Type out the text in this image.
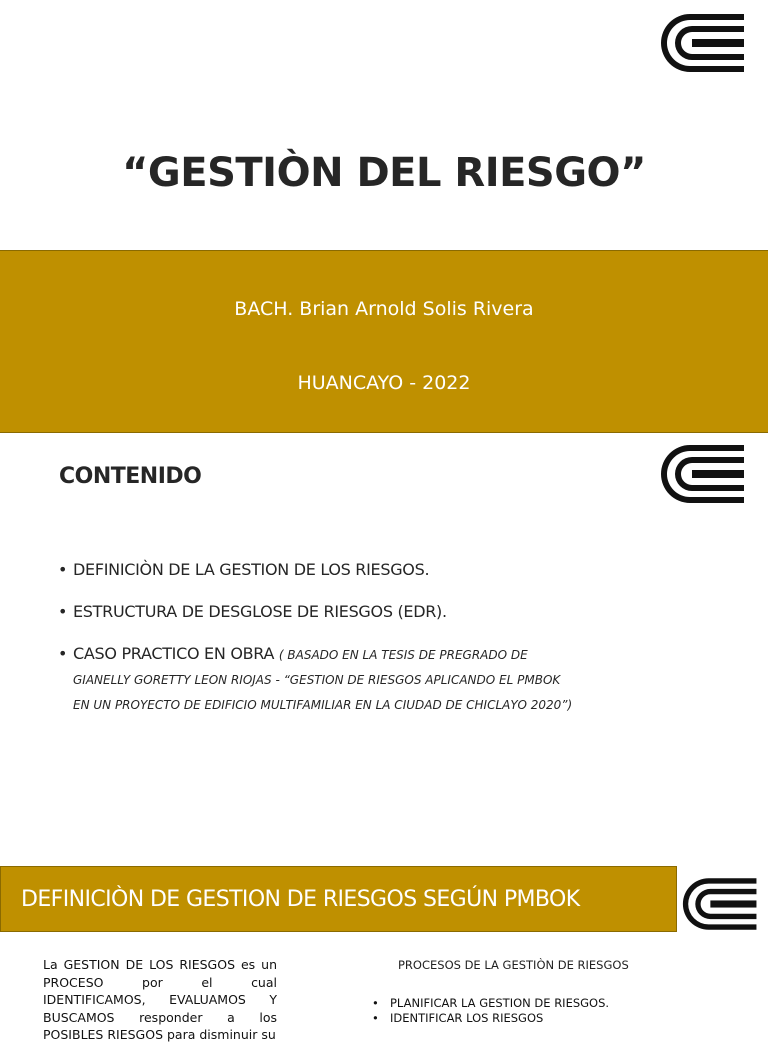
“GESTIÒN DEL RIESGO”
BACH. Brian Arnold Solis Rivera
HUANCAYO - 2022
CONTENIDO
• DEFINICIÒN DE LA GESTION DE LOS RIESGOS.
• ESTRUCTURA DE DESGLOSE DE RIESGOS (EDR).
• CASO PRACTICO EN OBRA ( BASADO EN LA TESIS DE PREGRADO DE GIANELLY GORETTY LEON RIOJAS - “GESTION DE RIESGOS APLICANDO EL PMBOK EN UN PROYECTO DE EDIFICIO MULTIFAMILIAR EN LA CIUDAD DE CHICLAYO 2020”)
DEFINICIÒN DE GESTION DE RIESGOS SEGÚN PMBOK

La GESTION DE LOS RIESGOS es un PROCESO por el cual IDENTIFICAMOS, EVALUAMOS Y BUSCAMOS responder a los POSIBLES RIESGOS para disminuir su

PROCESOS DE LA GESTIÒN DE RIESGOS
• PLANIFICAR LA GESTION DE RIESGOS.
• IDENTIFICAR LOS RIESGOS
